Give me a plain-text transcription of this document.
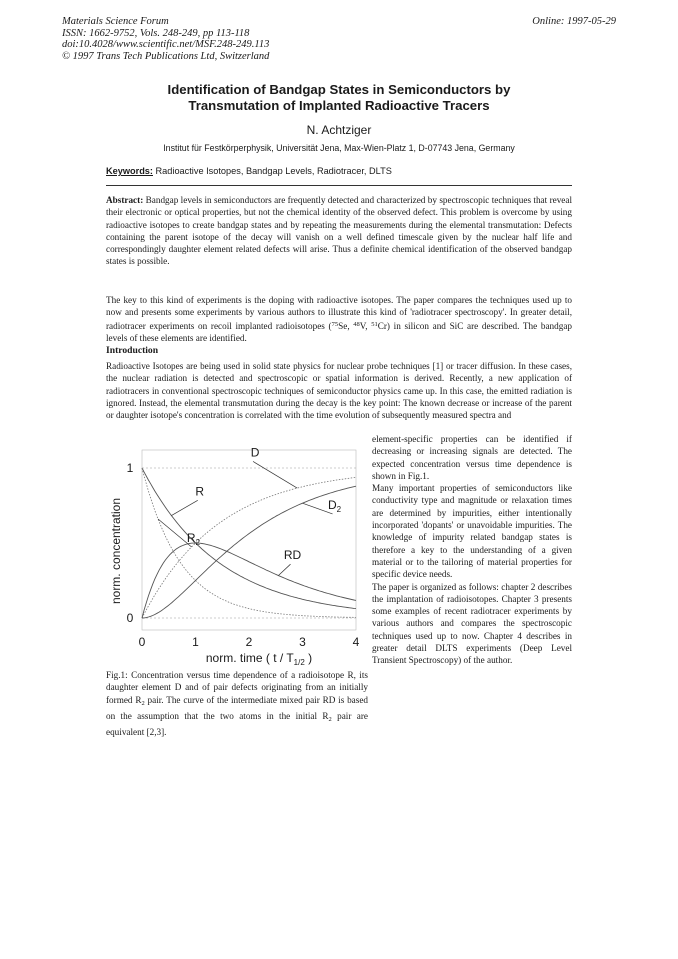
Materials Science Forum
ISSN: 1662-9752, Vols. 248-249, pp 113-118
doi:10.4028/www.scientific.net/MSF.248-249.113
© 1997 Trans Tech Publications Ltd, Switzerland
Online: 1997-05-29
Identification of Bandgap States in Semiconductors by
Transmutation of Implanted Radioactive Tracers
N. Achtziger
Institut für Festkörperphysik, Universität Jena, Max-Wien-Platz 1, D-07743 Jena, Germany
Keywords: Radioactive Isotopes, Bandgap Levels, Radiotracer, DLTS
Abstract: Bandgap levels in semiconductors are frequently detected and characterized by spectroscopic techniques that reveal their electronic or optical properties, but not the chemical identity of the observed defect. This problem is overcome by using radioactive isotopes to create bandgap states and by repeating the measurements during the elemental transmutation: Defects containing the parent isotope of the decay will vanish on a well defined timescale given by the nuclear half life and correspondingly daughter element related defects will arise. Thus a definite chemical identification of the observed bandgap states is possible.
The key to this kind of experiments is the doping with radioactive isotopes. The paper compares the techniques used up to now and presents some experiments by various authors to illustrate this kind of 'radiotracer spectroscopy'. In greater detail, radiotracer experiments on recoil implanted radioisotopes ($^{75}$Se, $^{48}$V, $^{51}$Cr) in silicon and SiC are described. The bandgap levels of these elements are identified.
Introduction
Radioactive Isotopes are being used in solid state physics for nuclear probe techniques [1] or tracer diffusion. In these cases, the nuclear radiation is detected and spectroscopic or spatial information is derived. Recently, a new application of radiotracers in conventional spectroscopic techniques of semiconductor physics came up. In this case, the emitted radiation is ignored. Instead, the elemental transmutation during the decay is the key point: The known decrease or increase of the parent or daughter isotope's concentration is correlated with the time evolution of subsequently measured spectra and
element-specific properties can be identified if decreasing or increasing signals are detected. The expected concentration versus time dependence is shown in Fig.1.
Many important properties of semiconductors like conductivity type and magnitude or relaxation times are determined by impurities, either intentionally incorporated 'dopants' or unavoidable impurities. The knowledge of impurity related bandgap states is therefore a key to the understanding of a given material or to the tailoring of material properties for specific device needs.
The paper is organized as follows: chapter 2 describes the implantation of radioisotopes. Chapter 3 presents some examples of recent radiotracer experiments by various authors and compares the spectroscopic techniques used up to now. Chapter 4 describes in greater detail DLTS experiments (Deep Level Transient Spectroscopy) of the author.
0	1	2	3	4
0
1
norm. concentration
norm. time ( t / $T_{1/2}$ )
R
D
$R_2$
$D_2$
RD
Fig.1: Concentration versus time dependence of a radioisotope R, its daughter element D and of pair defects originating from an initially formed $R_2$ pair. The curve of the intermediate mixed pair RD is based on the assumption that the two atoms in the initial $R_2$ pair are equivalent [2,3].
